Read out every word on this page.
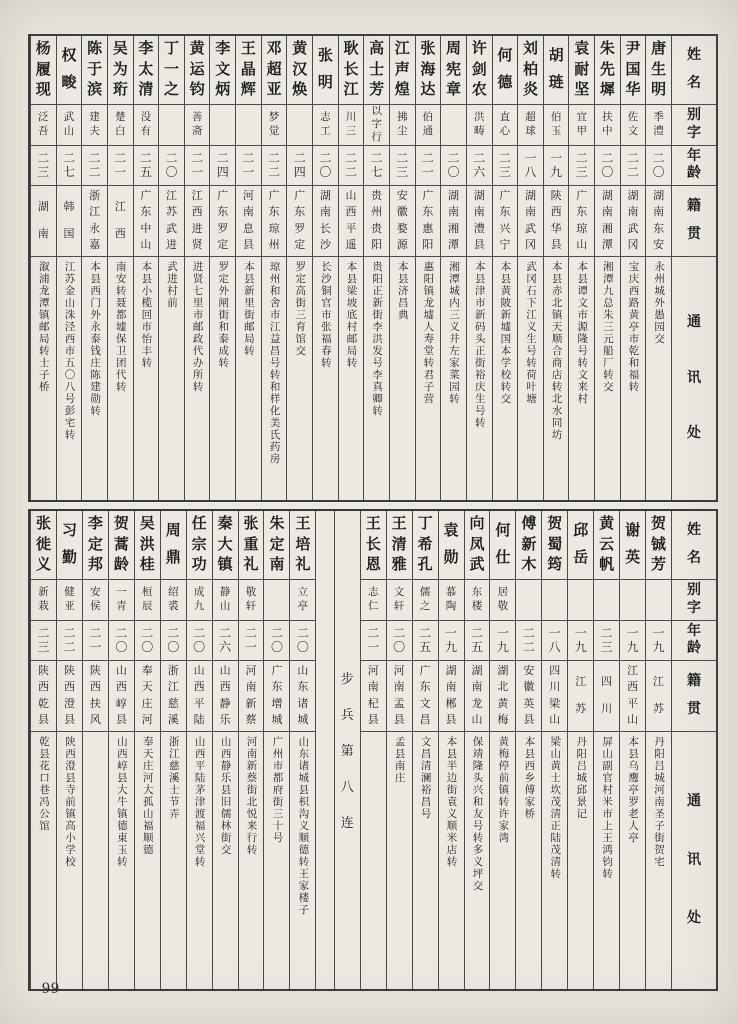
姓
名
别
字
年
龄
籍
贯
通
讯
处
唐
生
明
季
澧
二
〇
湖
南
东
安
永州城外愚园交
尹
国
华
佐
文
二
二
湖
南
武
冈
宝庆西路黄亭市乾和福转
朱
先
墀
扶
中
二
〇
湖
南
湘
潭
湘潭九总朱三元船厂转交
袁
耐
坚
宜
甲
二
三
广
东
琼
山
本县谭文市源隆号转文来村
胡
琏
伯
玉
一
九
陕
西
华
县
本县赤北镇天顺合商店转北水同坊
刘
柏
炎
超
球
一
八
湖
南
武
冈
武冈石下江义生号转荷叶塘
何
德
直
心
二
三
广
东
兴
宁
本县黄陂新墟国本学校转交
许
剑
农
洪
畴
二
六
湖
南
澧
县
本县津市新码头正街裕庆生号转
周
宪
章
二
〇
湖
南
湘
潭
湘潭城内三义井左家菜园转
张
海
达
伯
通
二
一
广
东
惠
阳
惠阳镇龙墟人寿堂转君子营
江
声
煌
拂
尘
二
三
安
徽
婺
源
本县济昌典
高
士
芳
以
字
行
二
七
贵
州
贵
阳
贵阳正新街李洪发号李真卿转
耿
长
江
川
三
二
二
山
西
平
遥
本县梁坡底村邮局转
张
明
志
工
二
〇
湖
南
长
沙
长沙铜官市张福春转
黄
汉
焕
二
四
广
东
罗
定
罗定高街三育馆交
邓
超
亚
梦
觉
二
二
广
东
琼
州
琼州和舍市江益昌号转和样化美氏药房
王
晶
辉
二
一
河
南
息
县
本县新里街邮局转
李
文
炳
二
四
广
东
罗
定
罗定外闸街和泰成转
黄
运
钧
善
斋
二
一
江
西
进
贤
进贤七里市邮政代办所转
丁
一
之
二
〇
江
苏
武
进
武进村前
李
太
清
没
有
二
五
广
东
中
山
本县小榄回市怡丰转
吴
为
珩
楚
白
二
一
江
西
南安转聂都墟保卫团代转
陈
于
滨
建
夫
二
二
浙
江
永
嘉
本县西门外永泰钱庄陈建勋转
权
畯
武
山
二
七
韩
国
江苏金山洙泾西市五〇八号彭宅转
杨
履
现
泛
吾
二
三
湖
南
溆浦龙潭镇邮局转士子桥
姓
名
别
字
年
龄
籍
贯
通
讯
处
贺
铖
芳
一
九
江
苏
丹阳吕城河南圣子街贺宅
谢
英
一
九
江
西
平
山
本县乌鹰亭罗老人亭
黄
云
帆
二
三
四
川
屏山副官村米市上王鸿钧转
邱
岳
一
九
江
苏
丹阳吕城邱景记
贺
蜀
筠
一
八
四
川
梁
山
梁山黄士坎茂清正陆茂清转
傅
新
木
二
二
安
徽
英
县
本县西乡傅家桥
何
仕
居
敬
一
九
湖
北
黄
梅
黄梅停前镇转许家湾
向
凤
武
东
楼
二
五
湖
南
龙
山
保靖隆头兴和友号转多义坪交
袁
勋
慕
陶
一
九
湖
南
郴
县
本县半边街袁义顺米店转
丁
希
孔
儒
之
二
五
广
东
文
昌
文昌清澜裕昌号
王
清
雅
文
轩
二
〇
河
南
孟
县
孟县南庄
王
长
恩
志
仁
二
一
河
南
杞
县
步
兵
第
八
连
王
培
礼
立
亭
二
〇
山
东
诸
城
山东诸城县枳沟义顺德转王家楼子
朱
定
南
二
〇
广
东
增
城
广州市都府街三十号
张
重
礼
敬
轩
二
一
河
南
新
蔡
河南新蔡街北悦来行转
秦
大
镇
静
山
二
六
山
西
静
乐
山西静乐县旧儒林街交
任
宗
功
成
九
二
〇
山
西
平
陆
山西平陆茅津渡福兴堂转
周
鼎
绍
裘
二
〇
浙
江
慈
溪
浙江慈溪士节弄
吴
洪
桂
桓
辰
二
〇
奉
天
庄
河
奉天庄河大孤山福顺德
贺
蒿
龄
一
青
二
〇
山
西
崞
县
山西崞县大牛镇德東玉转
李
定
邦
安
侯
二
一
陕
西
扶
风
习
勤
健
亚
二
二
陕
西
澄
县
陕西澄县寺前镇高小学校
张
徙
义
新
栽
二
三
陕
西
乾
县
乾县花口巷冯公馆
99
